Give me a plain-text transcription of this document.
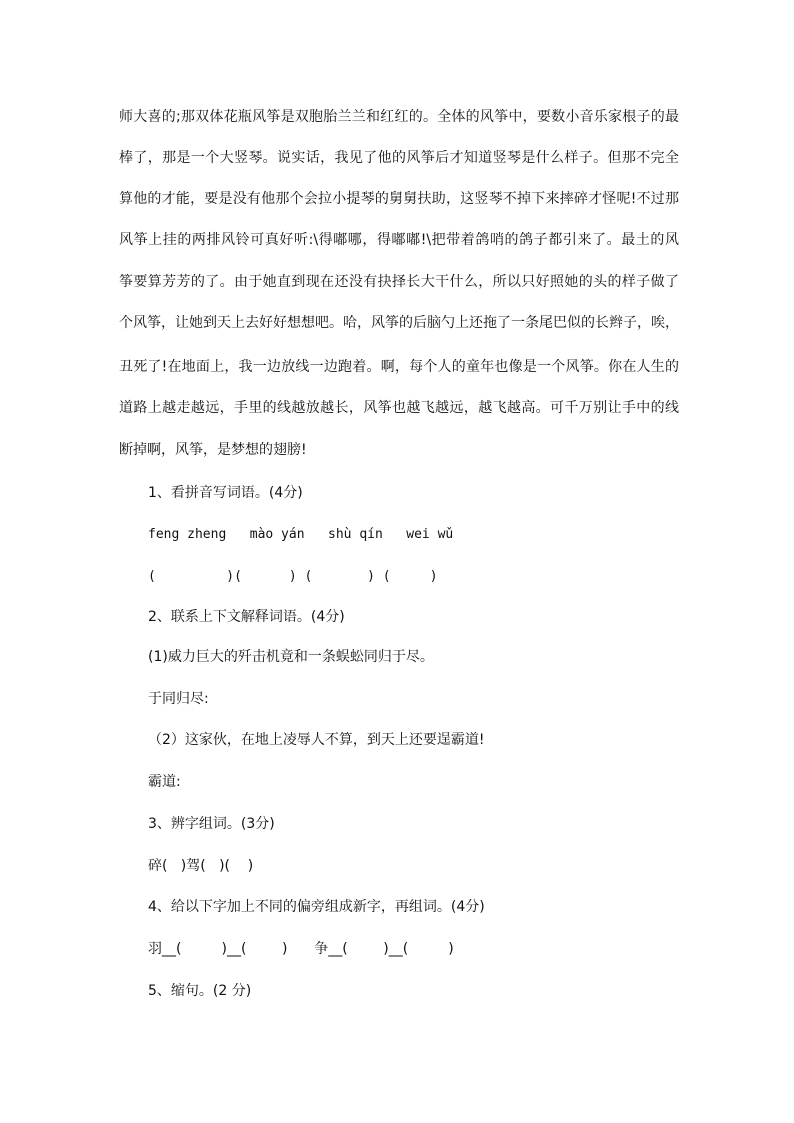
师大喜的;那双体花瓶风筝是双胞胎兰兰和红红的。全体的风筝中，要数小音乐家根子的最
棒了，那是一个大竖琴。说实话，我见了他的风筝后才知道竖琴是什么样子。但那不完全
算他的才能，要是没有他那个会拉小提琴的舅舅扶助，这竖琴不掉下来摔碎才怪呢!不过那
风筝上挂的两排风铃可真好听:\得嘟哪，得嘟嘟!\把带着鸽哨的鸽子都引来了。最土的风
筝要算芳芳的了。由于她直到现在还没有抉择长大干什么，所以只好照她的头的样子做了
个风筝，让她到天上去好好想想吧。哈，风筝的后脑勺上还拖了一条尾巴似的长辫子，唉，
丑死了!在地面上，我一边放线一边跑着。啊，每个人的童年也像是一个风筝。你在人生的
道路上越走越远，手里的线越放越长，风筝也越飞越远，越飞越高。可千万别让手中的线
断掉啊，风筝，是梦想的翅膀!
1、看拼音写词语。(4分)
feng zheng   mào yán   shù qín   wei wǔ
(         )(      ) (       ) (     )
2、联系上下文解释词语。(4分)
(1)威力巨大的歼击机竟和一条蜈蚣同归于尽。
于同归尽:
（2）这家伙，在地上凌辱人不算，到天上还要逞霸道!
霸道:
3、辨字组词。(3分)
碎(   )驾(   )(    )
4、给以下字加上不同的偏旁组成新字，再组词。(4分)
羽__(         )__(        )      争__(        )__(         )
5、缩句。(2 分)
